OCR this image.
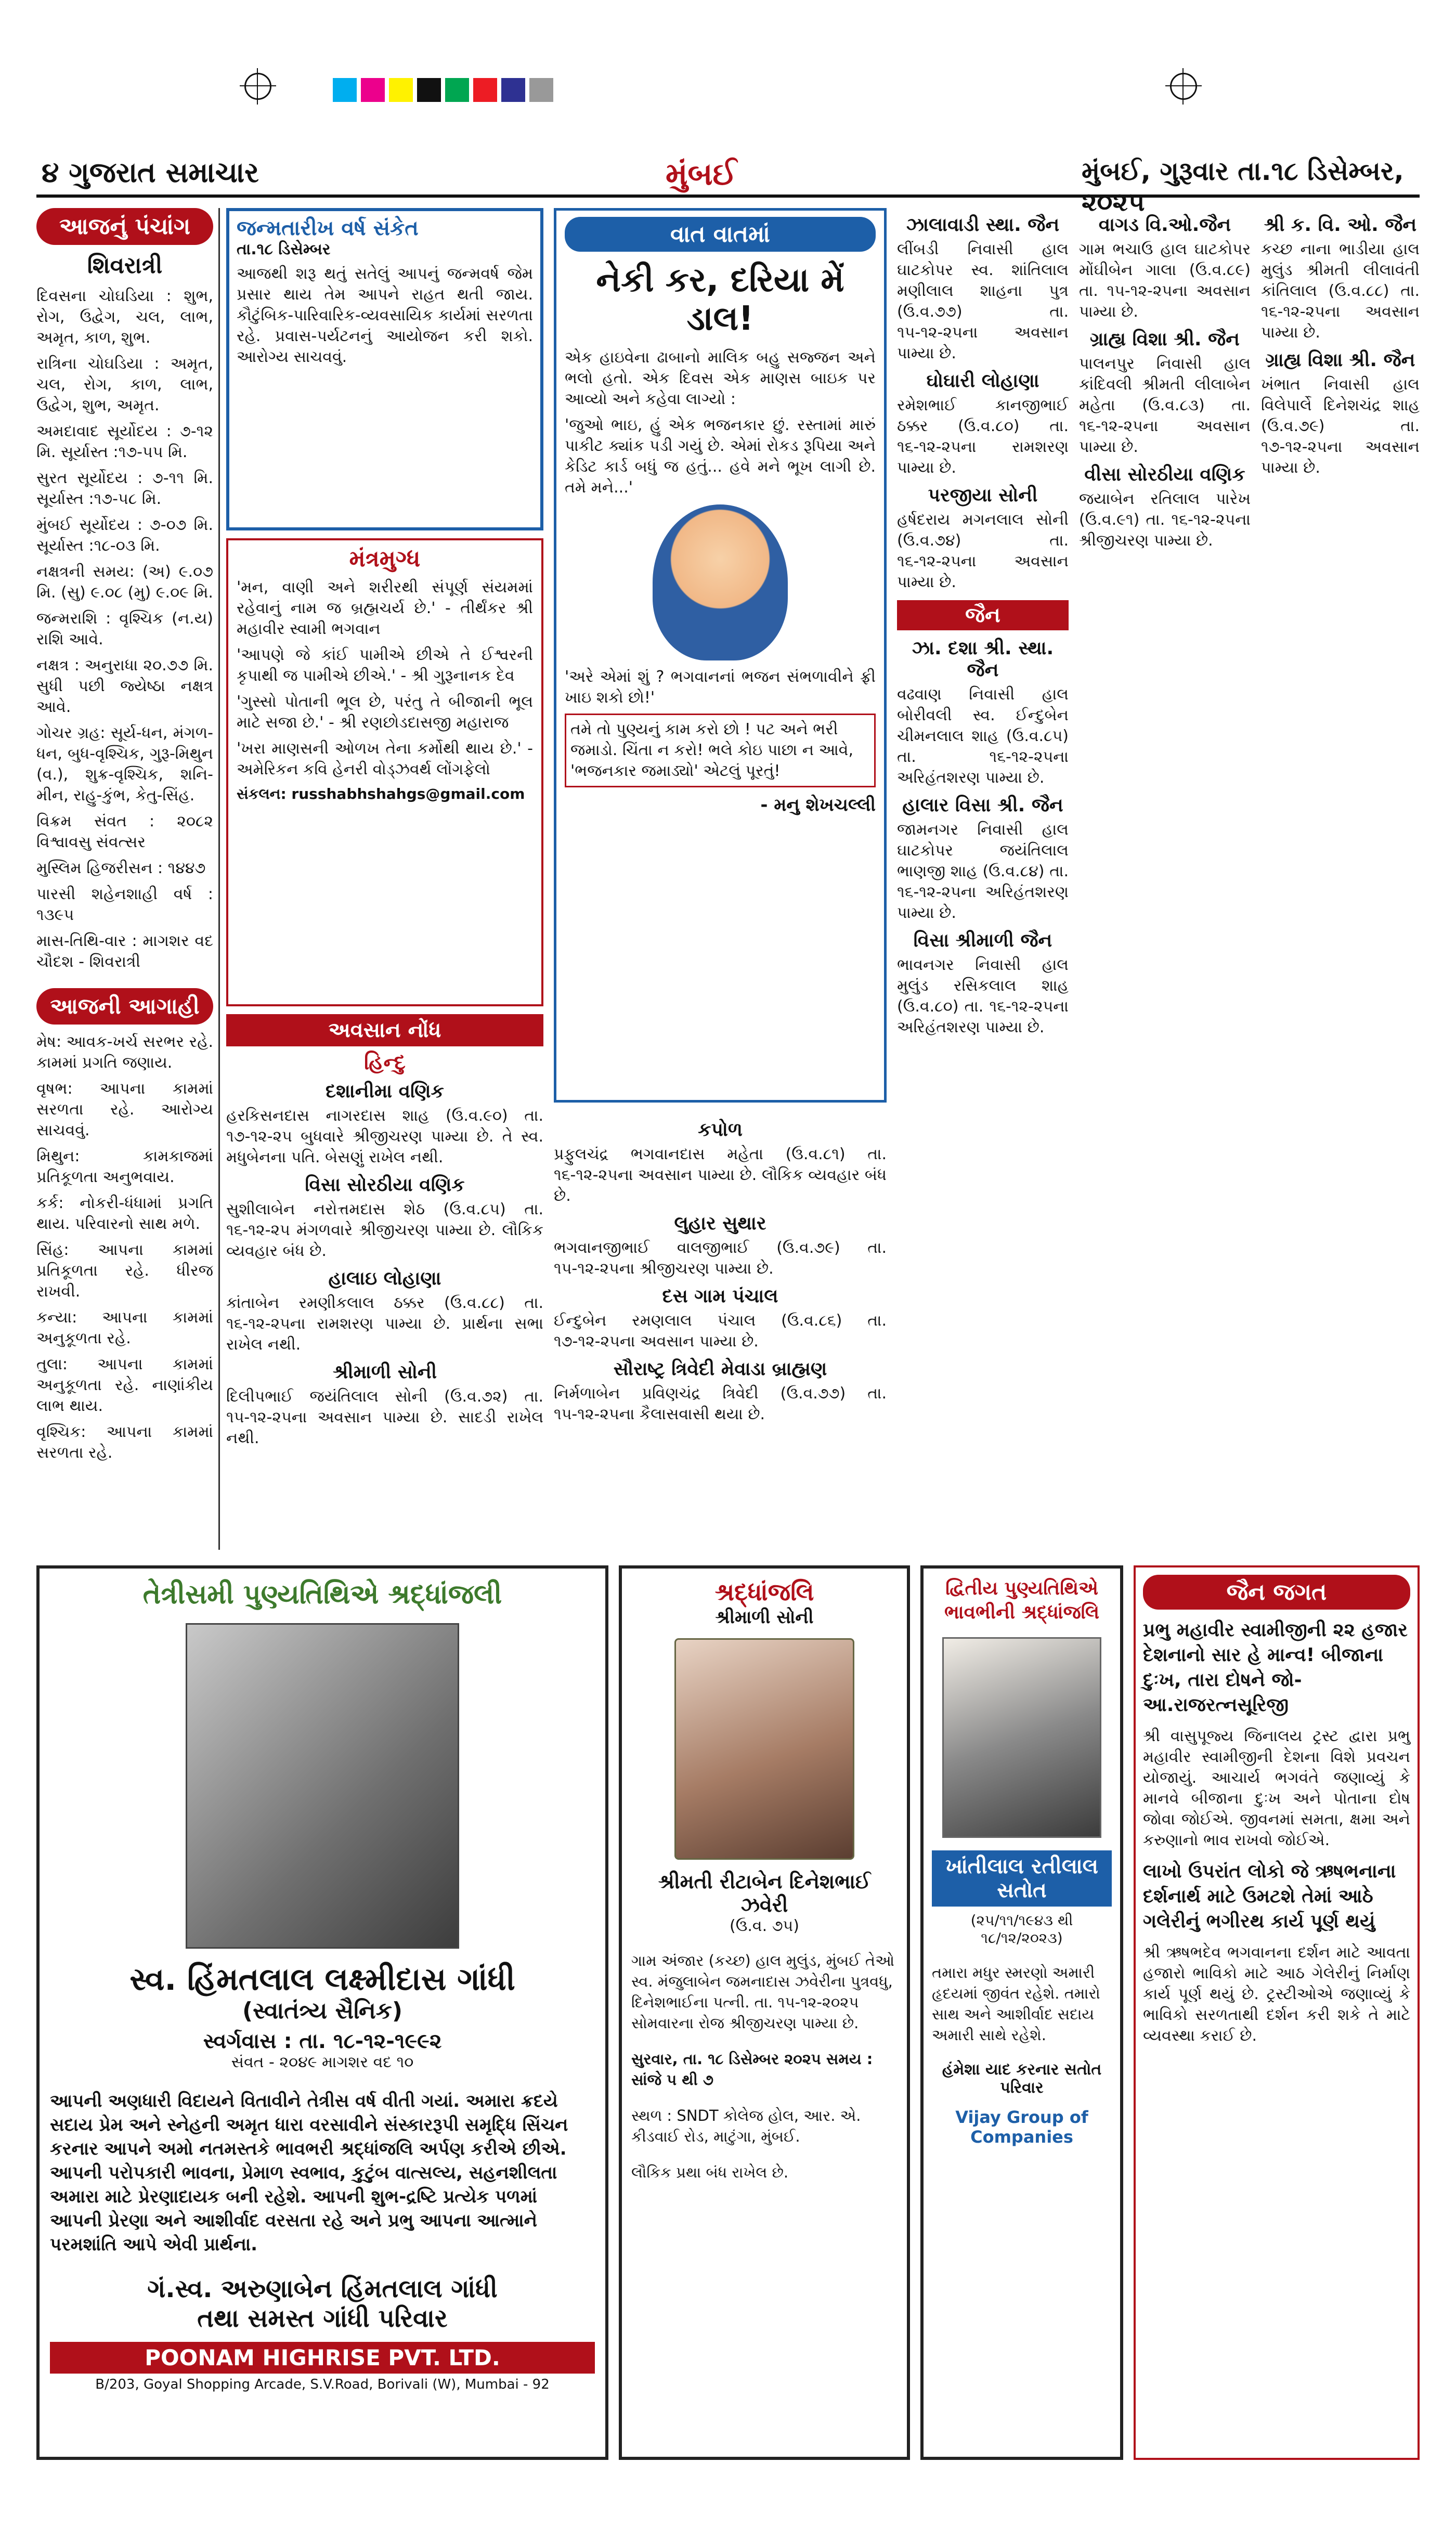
૪ ગુજરાત સમાચાર	મુંબઈ	મુંબઈ, ગુરૂવાર તા.૧૮ ડિસેમ્બર, ૨૦૨૫
આજનું પંચાંગ
શિવરાત્રી

દિવસના ચોઘડિયા : શુભ, રોગ, ઉદ્વેગ, ચલ, લાભ, અમૃત, કાળ, શુભ.

રાત્રિના ચોઘડિયા : અમૃત, ચલ, રોગ, કાળ, લાભ, ઉદ્વેગ, શુભ, અમૃત.

અમદાવાદ સૂર્યોદય : ૭-૧૨ મિ. સૂર્યાસ્ત :૧૭-૫૫ મિ.

સુરત સૂર્યોદય : ૭-૧૧ મિ. સૂર્યાસ્ત :૧૭-૫૮ મિ.

મુંબઈ સૂર્યોદય : ૭-૦૭ મિ. સૂર્યાસ્ત :૧૮-૦૩ મિ.

નક્ષત્રની સમય: (અ) ૯.૦૭ મિ. (સુ) ૯.૦૮ (મુ) ૯.૦૯ મિ.

જન્મરાશિ : વૃશ્ચિક (ન.ય) રાશિ આવે.

નક્ષત્ર : અનુરાધા ૨૦.૭૭ મિ. સુધી પછી જ્યેષ્ઠા નક્ષત્ર આવે.

ગોચર ગ્રહ: સૂર્ય-ધન, મંગળ-ધન, બુધ-વૃશ્ચિક, ગુરૂ-મિથુન (વ.), શુક્ર-વૃશ્ચિક, શનિ-મીન, રાહુ-કુંભ, કેતુ-સિંહ.

વિક્રમ સંવત : ૨૦૮૨ વિશ્વાવસુ સંવત્સર

મુસ્લિમ હિજરીસન : ૧૪૪૭

પારસી શહેનશાહી વર્ષ : ૧૩૯૫

માસ-તિથિ-વાર : માગશર વદ ચૌદશ - શિવરાત્રી

આજની આગાહી

મેષ: આવક-ખર્ચ સરભર રહે. કામમાં પ્રગતિ જણાય.

વૃષભ: આપના કામમાં સરળતા રહે. આરોગ્ય સાચવવું.

મિથુન: કામકાજમાં પ્રતિકૂળતા અનુભવાય.

કર્ક: નોકરી-ધંધામાં પ્રગતિ થાય. પરિવારનો સાથ મળે.

સિંહ: આપના કામમાં પ્રતિકૂળતા રહે. ધીરજ રાખવી.

કન્યા: આપના કામમાં અનુકૂળતા રહે.

તુલા: આપના કામમાં અનુકૂળતા રહે. નાણાંકીય લાભ થાય.

વૃશ્ચિક: આપના કામમાં સરળતા રહે.

જન્મતારીખ વર્ષ સંકેત
તા.૧૮ ડિસેમ્બર

આજથી શરૂ થતું સતેલું આપનું જન્મવર્ષ જેમ પ્રસાર થાય તેમ આપને રાહત થતી જાય. કૌટુંબિક-પારિવારિક-વ્યવસાયિક કાર્યમાં સરળતા રહે. પ્રવાસ-પર્યટનનું આયોજન કરી શકો. આરોગ્ય સાચવવું.

મંત્રમુગ્ધ

'મન, વાણી અને શરીરથી સંપૂર્ણ સંયમમાં રહેવાનું નામ જ બ્રહ્મચર્ય છે.' - તીર્થંકર શ્રી મહાવીર સ્વામી ભગવાન

'આપણે જે કાંઈ પામીએ છીએ તે ઈશ્વરની કૃપાથી જ પામીએ છીએ.' - શ્રી ગુરૂનાનક દેવ

'ગુસ્સો પોતાની ભૂલ છે, પરંતુ તે બીજાની ભૂલ માટે સજા છે.' - શ્રી રણછોડદાસજી મહારાજ

'ખરા માણસની ઓળખ તેના કર્મોથી થાય છે.' - અમેરિકન કવિ હેનરી વોડ્ઝવર્થ લોંગફેલો

સંકલન: russhabhshahgs@gmail.com
અવસાન નોંધ
હિન્દુ
દશાનીમા વણિક

હરકિસનદાસ નાગરદાસ શાહ (ઉ.વ.૯૦) તા. ૧૭-૧૨-૨૫ બુધવારે શ્રીજીચરણ પામ્યા છે. તે સ્વ. મધુબેનના પતિ. બેસણું રાખેલ નથી.

વિસા સોરઠીયા વણિક

સુશીલાબેન નરોત્તમદાસ શેઠ (ઉ.વ.૮૫) તા. ૧૬-૧૨-૨૫ મંગળવારે શ્રીજીચરણ પામ્યા છે. લૌકિક વ્યવહાર બંધ છે.

હાલાઇ લોહાણા

કાંતાબેન રમણીકલાલ ઠક્કર (ઉ.વ.૮૮) તા. ૧૬-૧૨-૨૫ના રામશરણ પામ્યા છે. પ્રાર્થના સભા રાખેલ નથી.

શ્રીમાળી સોની

દિલીપભાઈ જયંતિલાલ સોની (ઉ.વ.૭૨) તા. ૧૫-૧૨-૨૫ના અવસાન પામ્યા છે. સાદડી રાખેલ નથી.

વાત વાતમાં
નેકી કર, દરિયા મેં ડાલ!

એક હાઇવેના ઢાબાનો માલિક બહુ સજ્જન અને ભલો હતો. એક દિવસ એક માણસ બાઇક પર આવ્યો અને કહેવા લાગ્યો :

'જુઓ ભાઇ, હું એક ભજનકાર છું. રસ્તામાં મારું પાકીટ ક્યાંક પડી ગયું છે. એમાં રોકડ રૂપિયા અને કેડિટ કાર્ડ બધું જ હતું... હવે મને ભૂખ લાગી છે. તમે મને...'

'અરે એમાં શું ? ભગવાનનાં ભજન સંભળાવીને ફ્રી ખાઇ શકો છો!'

તમે તો પુણ્યનું કામ કરો છો ! પટ અને ભરી જમાડો. ચિંતા ન કરો! ભલે કોઇ પાછા ન આવે, 'ભજનકાર જમાડ્યો' એટલું પૂરતું!
- મનુ શેખચલ્લી
કપોળ

પ્રફુલચંદ્ર ભગવાનદાસ મહેતા (ઉ.વ.૮૧) તા. ૧૬-૧૨-૨૫ના અવસાન પામ્યા છે. લૌકિક વ્યવહાર બંધ છે.

લુહાર સુથાર

ભગવાનજીભાઈ વાલજીભાઈ (ઉ.વ.૭૯) તા. ૧૫-૧૨-૨૫ના શ્રીજીચરણ પામ્યા છે.

દસ ગામ પંચાલ

ઈન્દુબેન રમણલાલ પંચાલ (ઉ.વ.૮૬) તા. ૧૭-૧૨-૨૫ના અવસાન પામ્યા છે.

સૌરાષ્ટ્ર ત્રિવેદી મેવાડા બ્રાહ્મણ

નિર્મળાબેન પ્રવિણચંદ્ર ત્રિવેદી (ઉ.વ.૭૭) તા. ૧૫-૧૨-૨૫ના કૈલાસવાસી થયા છે.

ઝાલાવાડી સ્થા. જૈન

લીંબડી નિવાસી હાલ ઘાટકોપર સ્વ. શાંતિલાલ મણીલાલ શાહના પુત્ર (ઉ.વ.૭૭) તા. ૧૫-૧૨-૨૫ના અવસાન પામ્યા છે.

ઘોઘારી લોહાણા

રમેશભાઈ કાનજીભાઈ ઠક્કર (ઉ.વ.૮૦) તા. ૧૬-૧૨-૨૫ના રામશરણ પામ્યા છે.

પરજીયા સોની

હર્ષદરાય મગનલાલ સોની (ઉ.વ.૭૪) તા. ૧૬-૧૨-૨૫ના અવસાન પામ્યા છે.

જૈન
ઝા. દશા શ્રી. સ્થા. જૈન

વઢવાણ નિવાસી હાલ બોરીવલી સ્વ. ઈન્દુબેન ચીમનલાલ શાહ (ઉ.વ.૮૫) તા. ૧૬-૧૨-૨૫ના અરિહંતશરણ પામ્યા છે.

હાલાર વિસા શ્રી. જૈન

જામનગર નિવાસી હાલ ઘાટકોપર જયંતિલાલ ભાણજી શાહ (ઉ.વ.૮૪) તા. ૧૬-૧૨-૨૫ના અરિહંતશરણ પામ્યા છે.

વિસા શ્રીમાળી જૈન

ભાવનગર નિવાસી હાલ મુલુંડ રસિકલાલ શાહ (ઉ.વ.૮૦) તા. ૧૬-૧૨-૨૫ના અરિહંતશરણ પામ્યા છે.

વાગડ વિ.ઓ.જૈન

ગામ ભચાઉ હાલ ઘાટકોપર મોંઘીબેન ગાલા (ઉ.વ.૮૯) તા. ૧૫-૧૨-૨૫ના અવસાન પામ્યા છે.

ગ્રાહ્ય વિશા શ્રી. જૈન

પાલનપુર નિવાસી હાલ કાંદિવલી શ્રીમતી લીલાબેન મહેતા (ઉ.વ.૮૩) તા. ૧૬-૧૨-૨૫ના અવસાન પામ્યા છે.

વીસા સોરઠીયા વણિક

જયાબેન રતિલાલ પારેખ (ઉ.વ.૯૧) તા. ૧૬-૧૨-૨૫ના શ્રીજીચરણ પામ્યા છે.

શ્રી ક. વિ. ઓ. જૈન

કચ્છ નાના ભાડીયા હાલ મુલુંડ શ્રીમતી લીલાવંતી કાંતિલાલ (ઉ.વ.૮૮) તા. ૧૬-૧૨-૨૫ના અવસાન પામ્યા છે.

ગ્રાહ્ય વિશા શ્રી. જૈન

ખંભાત નિવાસી હાલ વિલેપાર્લે દિનેશચંદ્ર શાહ (ઉ.વ.૭૯) તા. ૧૭-૧૨-૨૫ના અવસાન પામ્યા છે.

તેત્રીસમી પુણ્યતિથિએ શ્રદ્ધાંજલી
સ્વ. હિંમતલાલ લક્ષ્મીદાસ ગાંધી
(સ્વાતંત્ર્ય સૈનિક)
સ્વર્ગવાસ : તા. ૧૮-૧૨-૧૯૯૨
સંવત - ૨૦૪૯ માગશર વદ ૧૦

આપની અણધારી વિદાયને વિતાવીને તેત્રીસ વર્ષ વીતી ગયાં. અમારા ક્રદયે સદાય પ્રેમ અને સ્નેહની અમૃત ધારા વરસાવીને સંસ્કારરૂપી સમૃદ્ધિ સિંચન કરનાર આપને અમો નતમસ્તકે ભાવભરી શ્રદ્ધાંજલિ અર્પણ કરીએ છીએ. આપની પરોપકારી ભાવના, પ્રેમાળ સ્વભાવ, કુટુંબ વાત્સલ્ય, સહનશીલતા અમારા માટે પ્રેરણાદાયક બની રહેશે. આપની શુભ-દ્રષ્ટિ પ્રત્યેક પળમાં આપની પ્રેરણા અને આશીર્વાદ વરસતા રહે અને પ્રભુ આપના આત્માને પરમશાંતિ આપે એવી પ્રાર્થના.

ગં.સ્વ. અરુણાબેન હિંમતલાલ ગાંધી
તથા સમસ્ત ગાંધી પરિવાર
POONAM HIGHRISE PVT. LTD.
B/203, Goyal Shopping Arcade, S.V.Road, Borivali (W), Mumbai - 92
શ્રદ્ધાંજલિ
શ્રીમાળી સોની
શ્રીમતી રીટાબેન દિનેશભાઈ ઝવેરી
(ઉ.વ. ૭૫)

ગામ અંજાર (કચ્છ) હાલ મુલુંડ, મુંબઈ તેઓ સ્વ. મંજુલાબેન જમનાદાસ ઝવેરીના પુત્રવધુ, દિનેશભાઈના પત્ની. તા. ૧૫-૧૨-૨૦૨૫ સોમવારના રોજ શ્રીજીચરણ પામ્યા છે.

સુરવાર, તા. ૧૮ ડિસેમ્બર ૨૦૨૫ સમય : સાંજે ૫ થી ૭

સ્થળ : SNDT કોલેજ હોલ, આર. એ. કીડવાઈ રોડ, માટુંગા, મુંબઈ.

લૌકિક પ્રથા બંધ રાખેલ છે.

દ્વિતીય પુણ્યતિથિએ ભાવભીની શ્રદ્ધાંજલિ
ખાંતીલાલ રતીલાલ સતોત
(૨૫/૧૧/૧૯૪૩ થી ૧૮/૧૨/૨૦૨૩)

તમારા મધુર સ્મરણો અમારી હૃદયમાં જીવંત રહેશે. તમારો સાથ અને આશીર્વાદ સદાય અમારી સાથે રહેશે.

હંમેશા યાદ કરનાર સતોત પરિવાર
Vijay Group of Companies
જૈન જગત
પ્રભુ મહાવીર સ્વામીજીની ૨૨ હજાર દેશનાનો સાર હે માન્વ! બીજાના દુઃખ, તારા દોષને જો-આ.રાજરત્નસૂરિજી

શ્રી વાસુપૂજ્ય જિનાલય ટ્રસ્ટ દ્વારા પ્રભુ મહાવીર સ્વામીજીની દેશના વિશે પ્રવચન યોજાયું. આચાર્ય ભગવંતે જણાવ્યું કે માનવે બીજાના દુઃખ અને પોતાના દોષ જોવા જોઈએ. જીવનમાં સમતા, ક્ષમા અને કરુણાનો ભાવ રાખવો જોઈએ.

લાખો ઉપરાંત લોકો જે ઋષભનાના દર્શનાર્થ માટે ઉમટશે તેમાં આઠે ગલેરીનું ભગીરથ કાર્ય પૂર્ણ થયું

શ્રી ઋષભદેવ ભગવાનના દર્શન માટે આવતા હજારો ભાવિકો માટે આઠ ગેલેરીનું નિર્માણ કાર્ય પૂર્ણ થયું છે. ટ્રસ્ટીઓએ જણાવ્યું કે ભાવિકો સરળતાથી દર્શન કરી શકે તે માટે વ્યવસ્થા કરાઈ છે.
